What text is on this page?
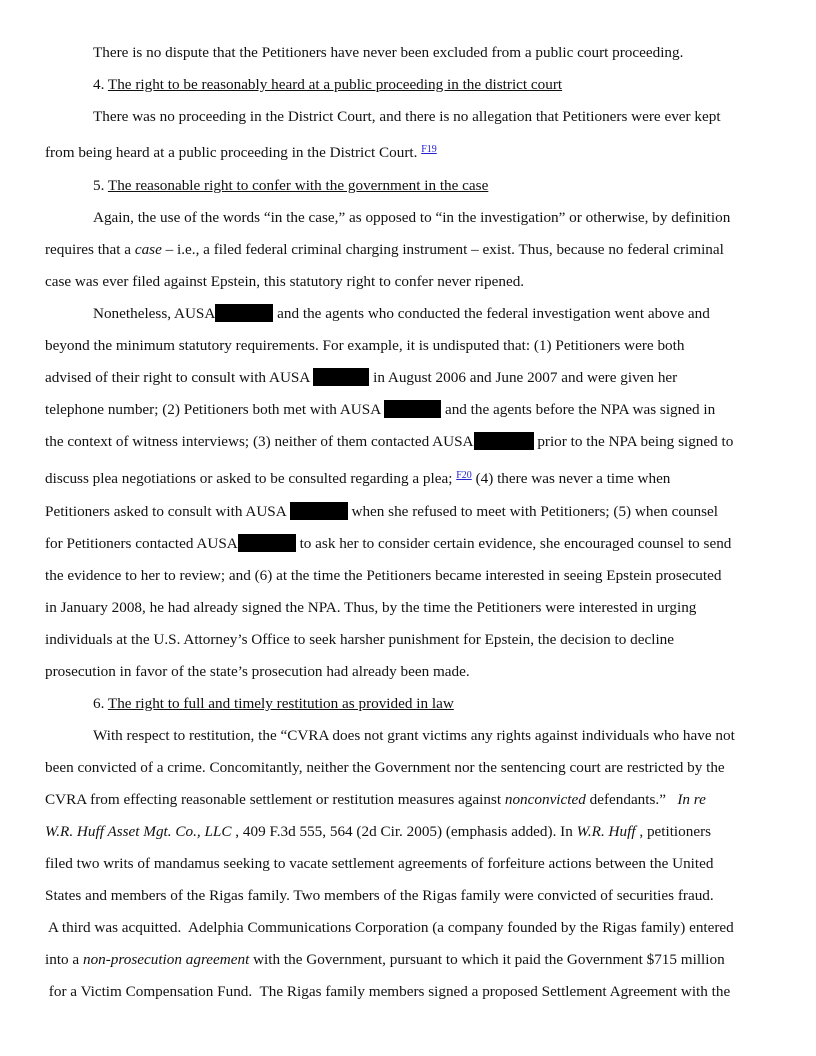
There is no dispute that the Petitioners have never been excluded from a public court proceeding.
4. The right to be reasonably heard at a public proceeding in the district court
There was no proceeding in the District Court, and there is no allegation that Petitioners were ever kept
from being heard at a public proceeding in the District Court. $^{F19}$
5. The reasonable right to confer with the government in the case
Again, the use of the words “in the case,” as opposed to “in the investigation” or otherwise, by definition
requires that a case – i.e., a filed federal criminal charging instrument – exist. Thus, because no federal criminal
case was ever filed against Epstein, this statutory right to confer never ripened.
Nonetheless, AUSA	and the agents who conducted the federal investigation went above and
beyond the minimum statutory requirements. For example, it is undisputed that: (1) Petitioners were both
advised of their right to consult with AUSA	in August 2006 and June 2007 and were given her
telephone number; (2) Petitioners both met with AUSA	and the agents before the NPA was signed in
the context of witness interviews; (3) neither of them contacted AUSA	prior to the NPA being signed to
discuss plea negotiations or asked to be consulted regarding a plea; $^{F20}$ (4) there was never a time when
Petitioners asked to consult with AUSA	when she refused to meet with Petitioners; (5) when counsel
for Petitioners contacted AUSA	to ask her to consider certain evidence, she encouraged counsel to send
the evidence to her to review; and (6) at the time the Petitioners became interested in seeing Epstein prosecuted
in January 2008, he had already signed the NPA. Thus, by the time the Petitioners were interested in urging
individuals at the U.S. Attorney’s Office to seek harsher punishment for Epstein, the decision to decline
prosecution in favor of the state’s prosecution had already been made.
6. The right to full and timely restitution as provided in law
With respect to restitution, the “CVRA does not grant victims any rights against individuals who have not
been convicted of a crime. Concomitantly, neither the Government nor the sentencing court are restricted by the
CVRA from effecting reasonable settlement or restitution measures against nonconvicted defendants.”   In re
W.R. Huff Asset Mgt. Co., LLC , 409 F.3d 555, 564 (2d Cir. 2005) (emphasis added). In W.R. Huff , petitioners
filed two writs of mandamus seeking to vacate settlement agreements of forfeiture actions between the United
States and members of the Rigas family. Two members of the Rigas family were convicted of securities fraud.
A third was acquitted.  Adelphia Communications Corporation (a company founded by the Rigas family) entered
into a non-prosecution agreement with the Government, pursuant to which it paid the Government $715 million
for a Victim Compensation Fund.  The Rigas family members signed a proposed Settlement Agreement with the
